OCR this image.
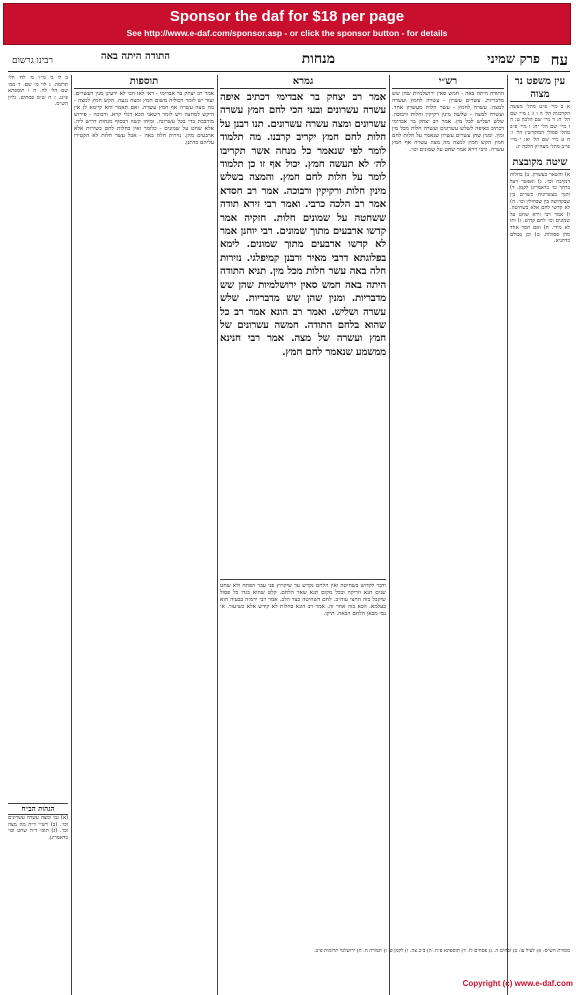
Sponsor the daf for $18 per page
See http://www.e-daf.com/sponsor.asp - or click the sponsor button - for details
עח
פרק שמיני
מנחות
התודה היתה באה
רבינו גרשום
עין משפט נר מצוה

א ב מיי׳ פ״ט מהל׳ מעשה הקרבנות הל׳ ה ו ז: ג מיי׳ שם הל׳ ח: ד מיי׳ שם הלכה ט: ה ו מיי׳ שם הל׳ יח: ז מיי׳ פ״ב מהל׳ פסולי המוקדשין הל׳ ו: ח ט מיי׳ שם הל׳ יא: י מיי׳ פי״ב מהל׳ מעה״ק הלכה יג:

שיטה מקובצת

א) והשאר בעשרון. ב) בחלות דנקיבה וכו׳. ג) ואפשר דעל כרחך כו׳ כדאמרינן לקמן. ד) והנך בעשרונות כשרים בין שבקדושה בין שבחולין וכו׳. ה) לא קדשי לחם אלא בשחיטה. ו) אמר רבי זירא שחט על שמונים וכו׳ לחם קדוש. ז) ותו לא מידי. ח) ואם חסר אחד מהן פסולות. ט) וכן בכולם כדתניא.

רש״י

התודה היתה באה - חמש סאין ירושלמיות שהן שש מדבריות. עשרים עשרון - עשרה לחמץ ועשרה למצה. עשרה לחמץ - עשר חלות מעשרון אחד. ועשרה למצה - שלשה מינין רקיקין וחלות ורבוכה. שלש ושליש לכל מין. אמר רב יצחק בר אבדימי דכתיב כאיפה לשלש עשרונים ועשרה חלות מכל מין ומין. ומנין שהן עשרים עשרון שנאמר על חלות לחם חמץ הקש חמץ למצה מה מצה עשרה אף חמץ עשרה. ורבי זירא אמר שחט על שמונים וכו׳.

גמרא

אמר רב יצחק בר אבדימי דכתיב איפה עשרה עשרונים ובעי הכי לחם חמץ עשרה עשרונים ומצה עשרה עשרונים. תנו רבנן על חלות לחם חמץ יקריב קרבנו. מה תלמוד לומר לפי שנאמר כל מנחה אשר תקריבו לה׳ לא תעשה חמץ. יכול אף זו כן תלמוד לומר על חלות לחם חמץ. והמצה בשלש מינין חלות ורקיקין ורבוכה. אמר רב חסדא אמר רב הלכה כרבי. ואמר רבי זירא תודה ששחטה על שמונים חלות. חזקיה אמר קדשו ארבעים מתוך שמונים. רבי יוחנן אמר לא קדשו ארבעים מתוך שמונים. לימא בפלוגתא דרבי מאיר ורבנן קמיפלגי. נזירות חלה באה עשר חלות מכל מין. תניא התודה היתה באה חמש סאין ירושלמיות שהן שש מדבריות. ומנין שהן שש מדבריות. שלש עשרה ושליש. ואמר רב הונא אמר רב כל שהוא בלחם התודה. חמשה עשרונים של חמץ ועשרה של מצה. אמר רבי חנינא ממשמע שנאמר לחם חמץ.

ודבר לקדוש בשחיטה ואין הלחם נקדש עד שיקרוץ פני עבר הפתח ולא שחט שנים תנא וזריקה ובכל מקום תנא שאר הלחם. קלט שהוא בגדו כל פסול שיקבל בזה החצי עוה״ב. לחם דשחיטה כצד הלב. אמר רבי ירמיה בבעיה הוא בעלמא. הכא בזה אחר זה. אמר רב הונא בחלות לא קידש אלא כשיעור. אי נמי מכאן הלחם הבאה. תיקו.

תוספות

אמר רב יצחק בר אבדימי - דאי לאו הכי לא ידעינן מנין דעשרים. ועוד יש לומר דכוליה משום חמץ ומצה נגעה. הקש חמץ למצה - מה מצה עשרה אף חמץ עשרה. ואם תאמר והא קיימא לן אין היקש למחצה ויש לומר דשאני הכא דגלי קרא. ורבוכה - פירוש מורבכת כדי בכל עשרונה. ומיהו קשה דבסוף מנחות דריש ליה. אלא שחט על שמונים - כלומר ואין בחלות לחם כשירות אלא ארבעים מהן. נזירות חלה באה - אבל עשר חלות לא הקטירו עליהם כדתנן.

ב לו ב׳ מ״ז׳ מ׳ לח׳ הל׳ תרומה. ג לוי מ׳ שם. ד ממ׳ שם הל׳ לה. ה ו תוספתא פ״ט. ז ח ש״ס פסחים. גליון הש״ס.

הגהות הב״ח

(א) גמ׳ ומצה עשרה עשרונים וכו׳. (ב) רש״י ד״ה מה מצה וכו׳. (ג) תוס׳ ד״ה שחט וכו׳ כדאמרינן.

מסורת הש״ס: א) לעיל עו: ב) זבחים ה. ג) פסחים לז. ד) תוספתא פ״ח. ה) ב״ב צה. ו) לקמן פ. ז) תמורה ח. ח) ירושלמי תרומות פ״ב.
Copyright (c) www.e-daf.com
